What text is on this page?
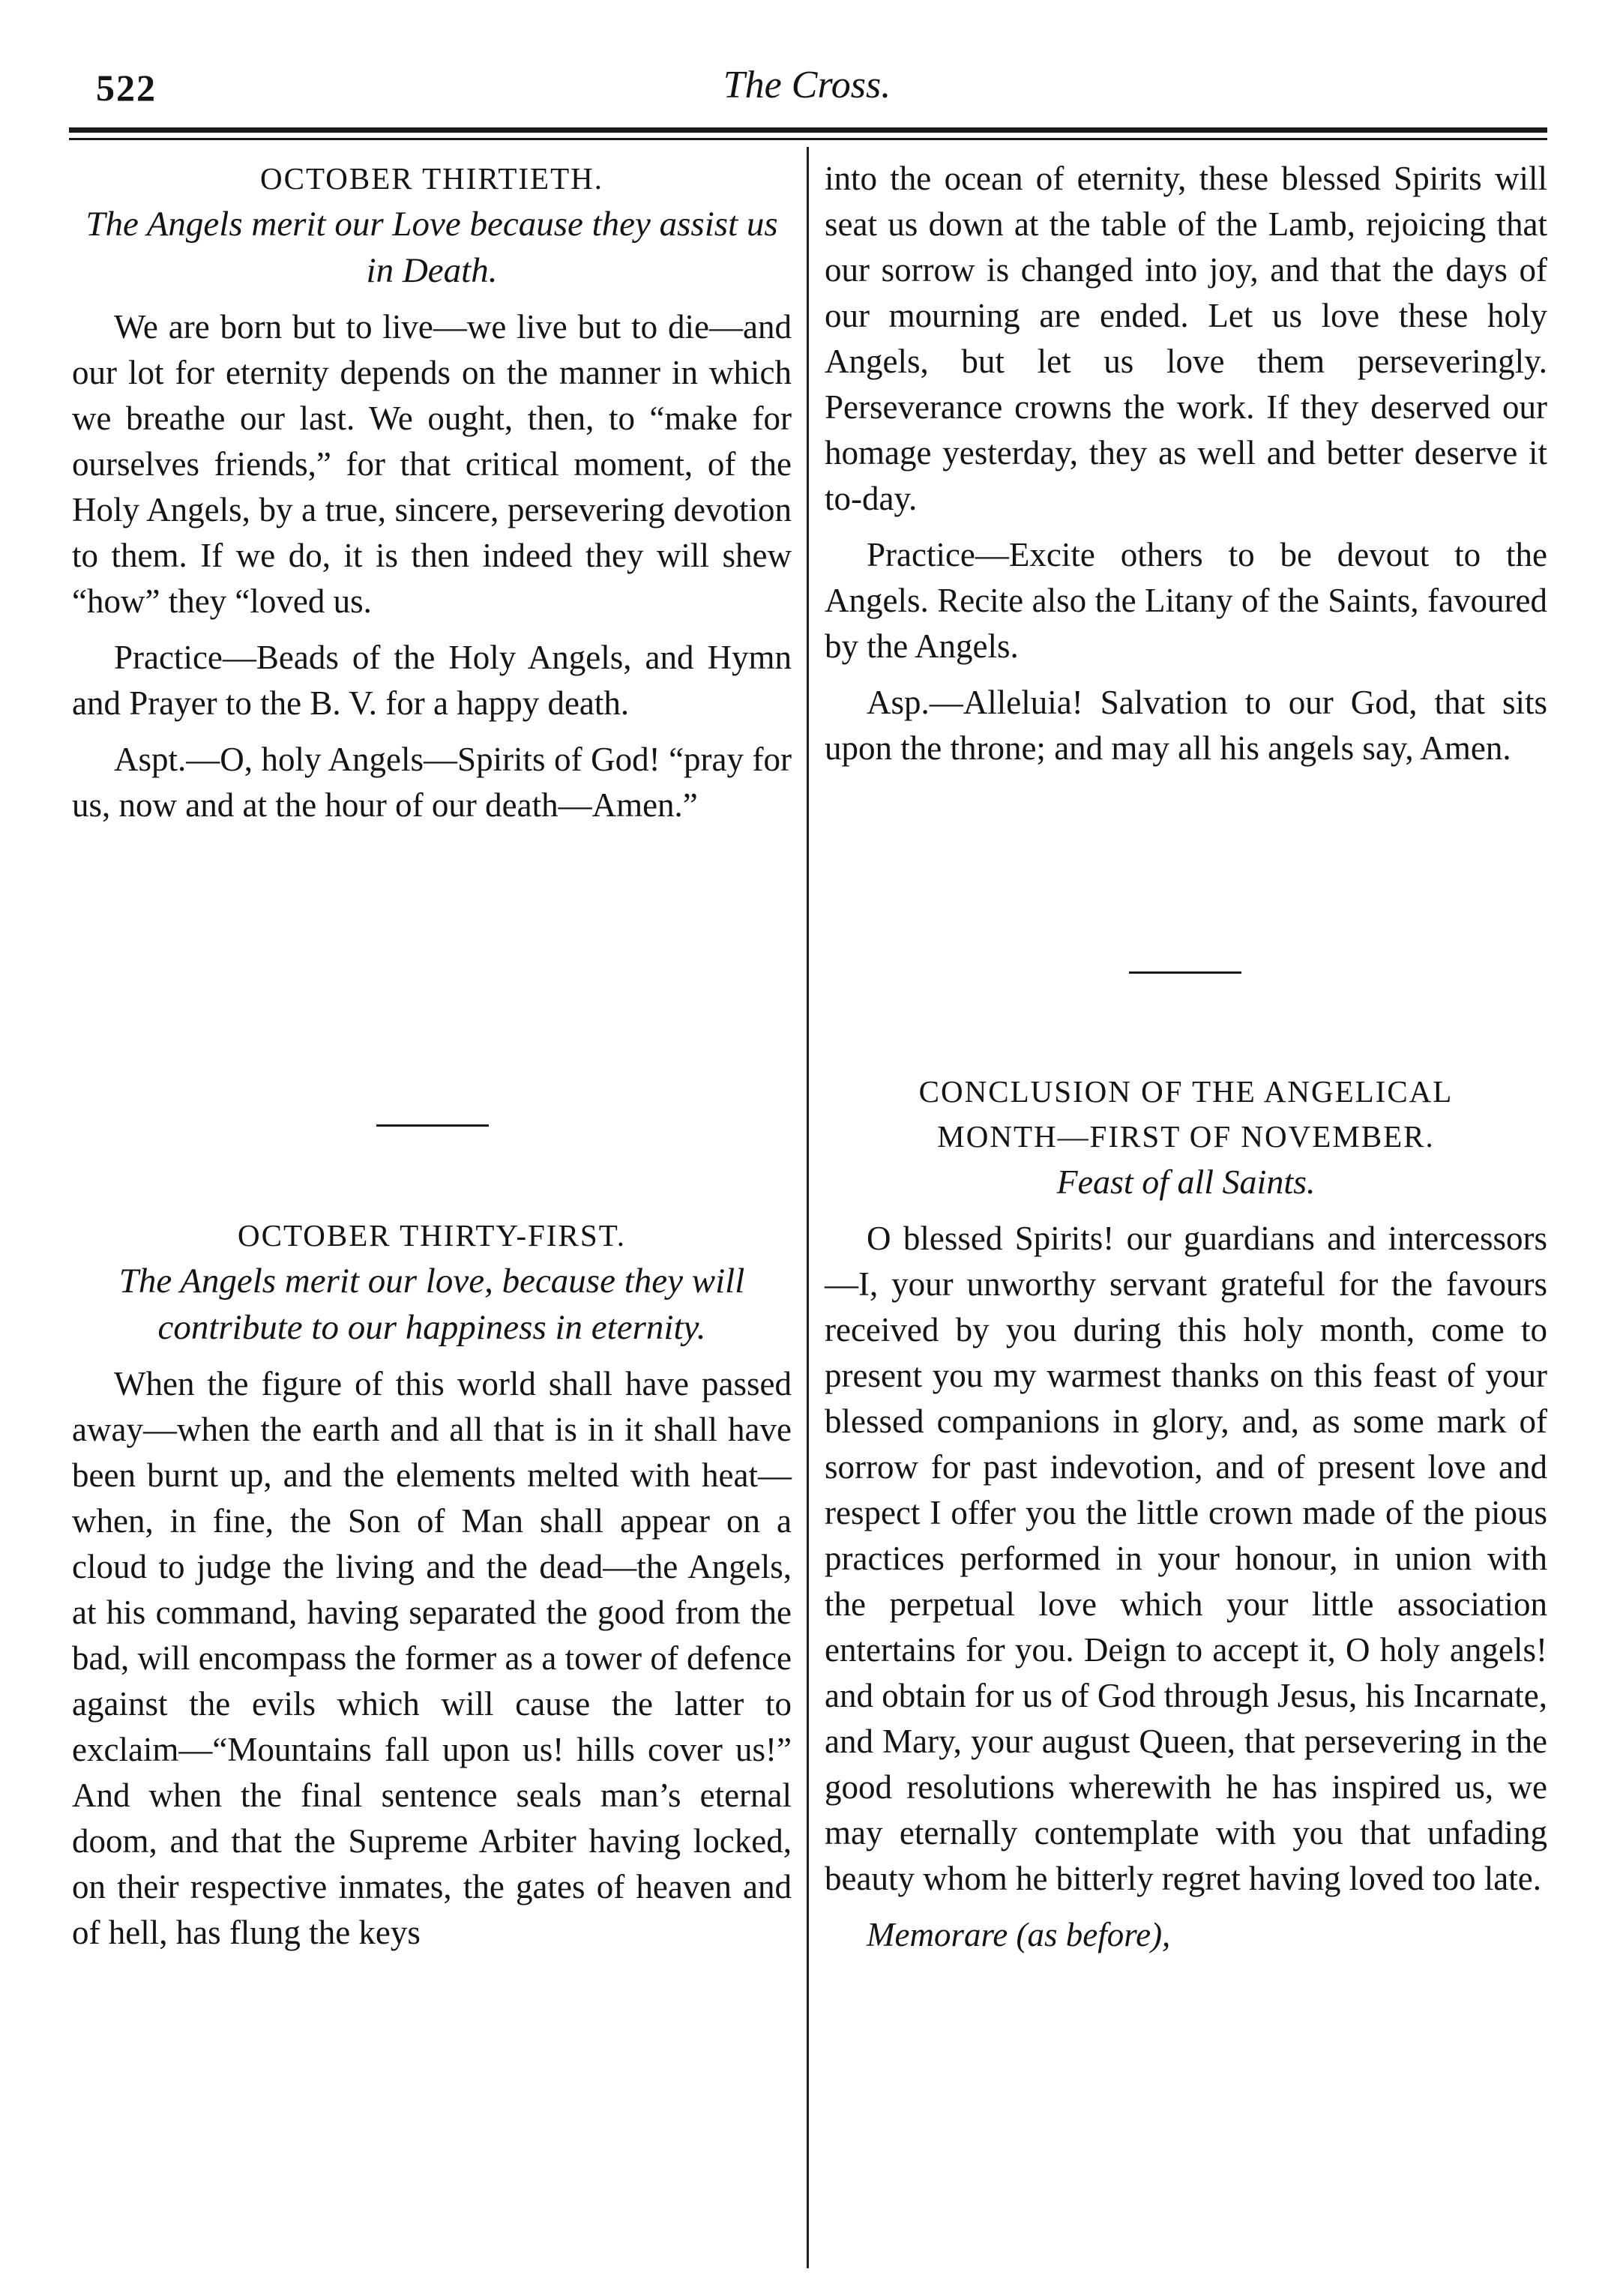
522	The Cross.

OCTOBER THIRTIETH.

The Angels merit our Love because they assist us in Death.

We are born but to live—we live but to die—and our lot for eternity depends on the manner in which we breathe our last. We ought, then, to “make for ourselves friends,” for that critical moment, of the Holy Angels, by a true, sincere, persevering devotion to them. If we do, it is then indeed they will shew “how” they “loved us.

Practice—Beads of the Holy Angels, and Hymn and Prayer to the B. V. for a happy death.

Aspt.—O, holy Angels—Spirits of God! “pray for us, now and at the hour of our death—Amen.”

OCTOBER THIRTY-FIRST.

The Angels merit our love, because they will contribute to our happiness in eternity.

When the figure of this world shall have passed away—when the earth and all that is in it shall have been burnt up, and the elements melted with heat—when, in fine, the Son of Man shall appear on a cloud to judge the living and the dead—the Angels, at his command, having separated the good from the bad, will encompass the former as a tower of defence against the evils which will cause the latter to exclaim—“Mountains fall upon us! hills cover us!” And when the final sentence seals man’s eternal doom, and that the Supreme Arbiter having locked, on their respective inmates, the gates of heaven and of hell, has flung the keys

into the ocean of eternity, these blessed Spirits will seat us down at the table of the Lamb, rejoicing that our sorrow is changed into joy, and that the days of our mourning are ended. Let us love these holy Angels, but let us love them perseveringly. Perseverance crowns the work. If they deserved our homage yesterday, they as well and better deserve it to-day.

Practice—Excite others to be devout to the Angels. Recite also the Litany of the Saints, favoured by the Angels.

Asp.—Alleluia! Salvation to our God, that sits upon the throne; and may all his angels say, Amen.

CONCLUSION OF THE ANGELICAL

MONTH—FIRST OF NOVEMBER.

Feast of all Saints.

O blessed Spirits! our guardians and intercessors—I, your unworthy servant grateful for the favours received by you during this holy month, come to present you my warmest thanks on this feast of your blessed companions in glory, and, as some mark of sorrow for past indevotion, and of present love and respect I offer you the little crown made of the pious practices performed in your honour, in union with the perpetual love which your little association entertains for you. Deign to accept it, O holy angels! and obtain for us of God through Jesus, his Incarnate, and Mary, your august Queen, that persevering in the good resolutions wherewith he has inspired us, we may eternally contemplate with you that unfading beauty whom he bitterly regret having loved too late.

Memorare (as before),
